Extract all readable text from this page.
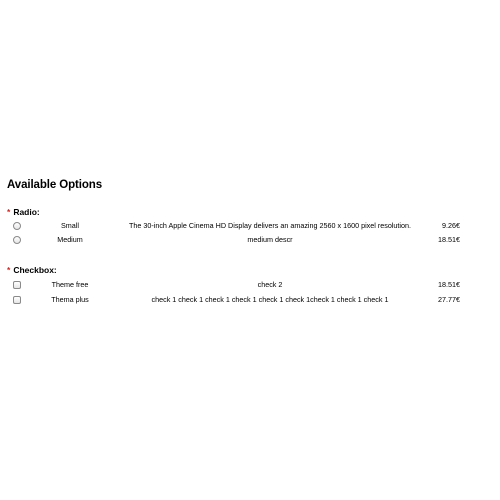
Available Options
* Radio:
Small	The 30-inch Apple Cinema HD Display delivers an amazing 2560 x 1600 pixel resolution.	9.26€
Medium	medium descr	18.51€
* Checkbox:
Theme free	check 2	18.51€
Thema plus	check 1 check 1 check 1 check 1 check 1 check 1check 1 check 1 check 1	27.77€
